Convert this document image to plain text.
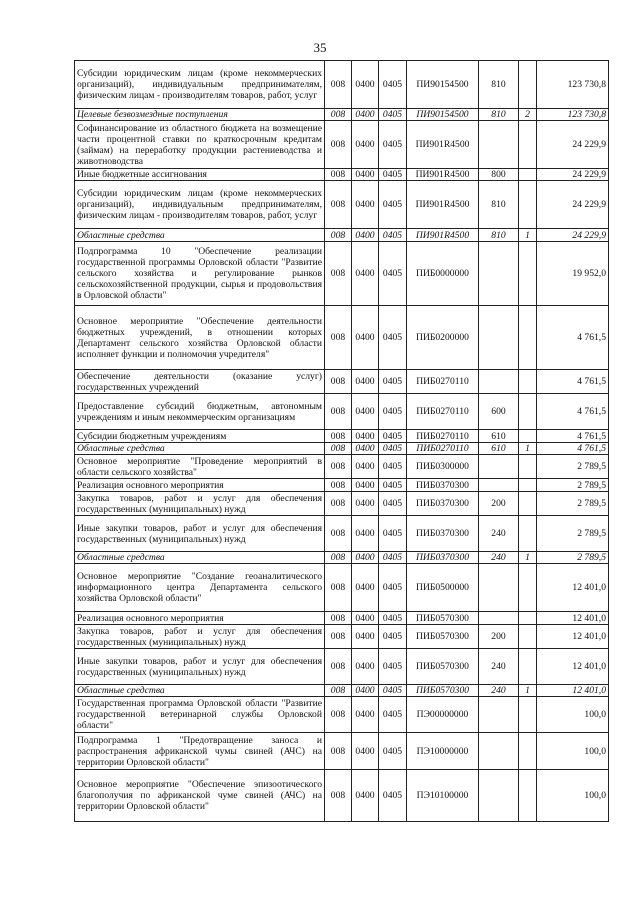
35
Субсидии юридическим лицам (кроме некоммерческих организаций), индивидуальным предпринимателям, физическим лицам - производителям товаров, работ, услуг	008	0400	0405	ПИ90154500	810		123 730,8
Целевые безвозмездные поступления	008	0400	0405	ПИ90154500	810	2	123 730,8
Софинансирование из областного бюджета на возмещение части процентной ставки по краткосрочным кредитам (займам) на переработку продукции растениеводства и животноводства	008	0400	0405	ПИ901R4500			24 229,9
Иные бюджетные ассигнования	008	0400	0405	ПИ901R4500	800		24 229,9
Субсидии юридическим лицам (кроме некоммерческих организаций), индивидуальным предпринимателям, физическим лицам - производителям товаров, работ, услуг	008	0400	0405	ПИ901R4500	810		24 229,9
Областные средства	008	0400	0405	ПИ901R4500	810	1	24 229,9
Подпрограмма 10 "Обеспечение реализации государственной программы Орловской области "Развитие сельского хозяйства и регулирование рынков сельскохозяйственной продукции, сырья и продовольствия в Орловской области"	008	0400	0405	ПИБ0000000			19 952,0
Основное мероприятие "Обеспечение деятельности бюджетных учреждений, в отношении которых Департамент сельского хозяйства Орловской области исполняет функции и полномочия учредителя"	008	0400	0405	ПИБ0200000			4 761,5
Обеспечение деятельности (оказание услуг) государственных учреждений	008	0400	0405	ПИБ0270110			4 761,5
Предоставление субсидий бюджетным, автономным учреждениям и иным некоммерческим организациям	008	0400	0405	ПИБ0270110	600		4 761,5
Субсидии бюджетным учреждениям	008	0400	0405	ПИБ0270110	610		4 761,5
Областные средства	008	0400	0405	ПИБ0270110	610	1	4 761,5
Основное мероприятие "Проведение мероприятий в области сельского хозяйства"	008	0400	0405	ПИБ0300000			2 789,5
Реализация основного мероприятия	008	0400	0405	ПИБ0370300			2 789,5
Закупка товаров, работ и услуг для обеспечения государственных (муниципальных) нужд	008	0400	0405	ПИБ0370300	200		2 789,5
Иные закупки товаров, работ и услуг для обеспечения государственных (муниципальных) нужд	008	0400	0405	ПИБ0370300	240		2 789,5
Областные средства	008	0400	0405	ПИБ0370300	240	1	2 789,5
Основное мероприятие "Создание геоаналитического информационного центра Департамента сельского хозяйства Орловской области"	008	0400	0405	ПИБ0500000			12 401,0
Реализация основного мероприятия	008	0400	0405	ПИБ0570300			12 401,0
Закупка товаров, работ и услуг для обеспечения государственных (муниципальных) нужд	008	0400	0405	ПИБ0570300	200		12 401,0
Иные закупки товаров, работ и услуг для обеспечения государственных (муниципальных) нужд	008	0400	0405	ПИБ0570300	240		12 401,0
Областные средства	008	0400	0405	ПИБ0570300	240	1	12 401,0
Государственная программа Орловской области "Развитие государственной ветеринарной службы Орловской области"	008	0400	0405	ПЭ00000000			100,0
Подпрограмма 1 "Предотвращение заноса и распространения африканской чумы свиней (АЧС) на территории Орловской области"	008	0400	0405	ПЭ10000000			100,0
Основное мероприятие "Обеспечение эпизоотического благополучия по африканской чуме свиней (АЧС) на территории Орловской области"	008	0400	0405	ПЭ10100000			100,0
